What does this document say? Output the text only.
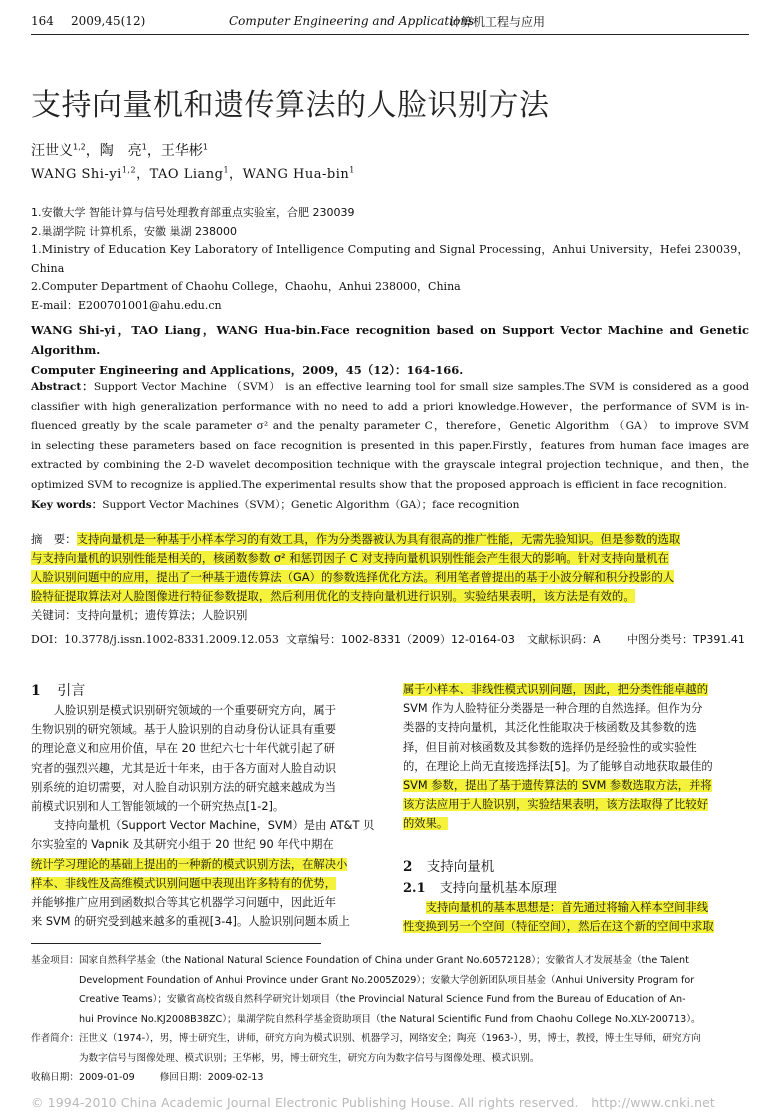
164 2009,45(12)	Computer Engineering and Applications
计算机工程与应用
支持向量机和遗传算法的人脸识别方法
汪世义$^{1,2}$，陶　亮$^1$，王华彬$^1$
WANG Shi-yi$^{1,2}$，TAO Liang$^1$，WANG Hua-bin$^1$
1.安徽大学 智能计算与信号处理教育部重点实验室，合肥 230039
2.巢湖学院 计算机系，安徽 巢湖 238000
1.Ministry of Education Key Laboratory of Intelligence Computing and Signal Processing，Anhui University，Hefei 230039，China
2.Computer Department of Chaohu College，Chaohu，Anhui 238000，China
E-mail：E200701001@ahu.edu.cn
WANG Shi-yi，TAO Liang，WANG Hua-bin.Face recognition based on Support Vector Machine and Genetic Algorithm.
Computer Engineering and Applications，2009，45（12）：164-166.
Abstract：Support Vector Machine （SVM） is an effective learning tool for small size samples.The SVM is considered as a good
classifier with high generalization performance with no need to add a priori knowledge.However，the performance of SVM is in-
fluenced greatly by the scale parameter σ² and the penalty parameter C，therefore，Genetic Algorithm （GA） to improve SVM
in selecting these parameters based on face recognition is presented in this paper.Firstly，features from human face images are
extracted by combining the 2-D wavelet decomposition technique with the grayscale integral projection technique，and then，the
optimized SVM to recognize is applied.The experimental results show that the proposed approach is efficient in face recognition.
Key words：Support Vector Machines（SVM）；Genetic Algorithm（GA）；face recognition
摘　要：支持向量机是一种基于小样本学习的有效工具，作为分类器被认为具有很高的推广性能，无需先验知识。但是参数的选取
与支持向量机的识别性能是相关的，核函数参数 σ² 和惩罚因子 C 对支持向量机识别性能会产生很大的影响。针对支持向量机在
人脸识别问题中的应用，提出了一种基于遗传算法（GA）的参数选择优化方法。利用笔者曾提出的基于小波分解和积分投影的人
脸特征提取算法对人脸图像进行特征参数提取，然后利用优化的支持向量机进行识别。实验结果表明，该方法是有效的。
关键词：支持向量机；遗传算法；人脸识别
DOI：10.3778/j.issn.1002-8331.2009.12.053 文章编号：1002-8331（2009）12-0164-03 文献标识码：A 中图分类号：TP391.41
1 引言
人脸识别是模式识别研究领域的一个重要研究方向，属于
生物识别的研究领域。基于人脸识别的自动身份认证具有重要
的理论意义和应用价值，早在 20 世纪六七十年代就引起了研
究者的强烈兴趣，尤其是近十年来，由于各方面对人脸自动识
别系统的迫切需要，对人脸自动识别方法的研究越来越成为当
前模式识别和人工智能领域的一个研究热点[1-2]。
支持向量机（Support Vector Machine，SVM）是由 AT&T 贝
尔实验室的 Vapnik 及其研究小组于 20 世纪 90 年代中期在
统计学习理论的基础上提出的一种新的模式识别方法，在解决小
样本、非线性及高维模式识别问题中表现出许多特有的优势，
并能够推广应用到函数拟合等其它机器学习问题中，因此近年
来 SVM 的研究受到越来越多的重视[3-4]。人脸识别问题本质上
属于小样本、非线性模式识别问题，因此，把分类性能卓越的
SVM 作为人脸特征分类器是一种合理的自然选择。但作为分
类器的支持向量机，其泛化性能取决于核函数及其参数的选
择，但目前对核函数及其参数的选择仍是经验性的或实验性
的，在理论上尚无直接选择法[5]。为了能够自动地获取最佳的
SVM 参数，提出了基于遗传算法的 SVM 参数选取方法，并将
该方法应用于人脸识别，实验结果表明，该方法取得了比较好
的效果。
2 支持向量机
2.1 支持向量机基本原理
支持向量机的基本思想是：首先通过将输入样本空间非线
性变换到另一个空间（特征空间），然后在这个新的空间中求取
基金项目： 国家自然科学基金（the National Natural Science Foundation of China under Grant No.60572128）；安徽省人才发展基金（the Talent
Development Foundation of Anhui Province under Grant No.2005Z029）；安徽大学创新团队项目基金（Anhui University Program for
Creative Teams）；安徽省高校省级自然科学研究计划项目（the Provincial Natural Science Fund from the Bureau of Education of An-
hui Province No.KJ2008B38ZC）；巢湖学院自然科学基金资助项目（the Natural Scientific Fund from Chaohu College No.XLY-200713）。
作者简介： 汪世义（1974-），男，博士研究生，讲师，研究方向为模式识别、机器学习，网络安全；陶亮（1963-），男，博士，教授，博士生导师，研究方向
为数字信号与图像处理、模式识别；王华彬，男，博士研究生，研究方向为数字信号与图像处理、模式识别。
收稿日期：2009-01-09	修回日期：2009-02-13
© 1994-2010 China Academic Journal Electronic Publishing House. All rights reserved.　http://www.cnki.net
